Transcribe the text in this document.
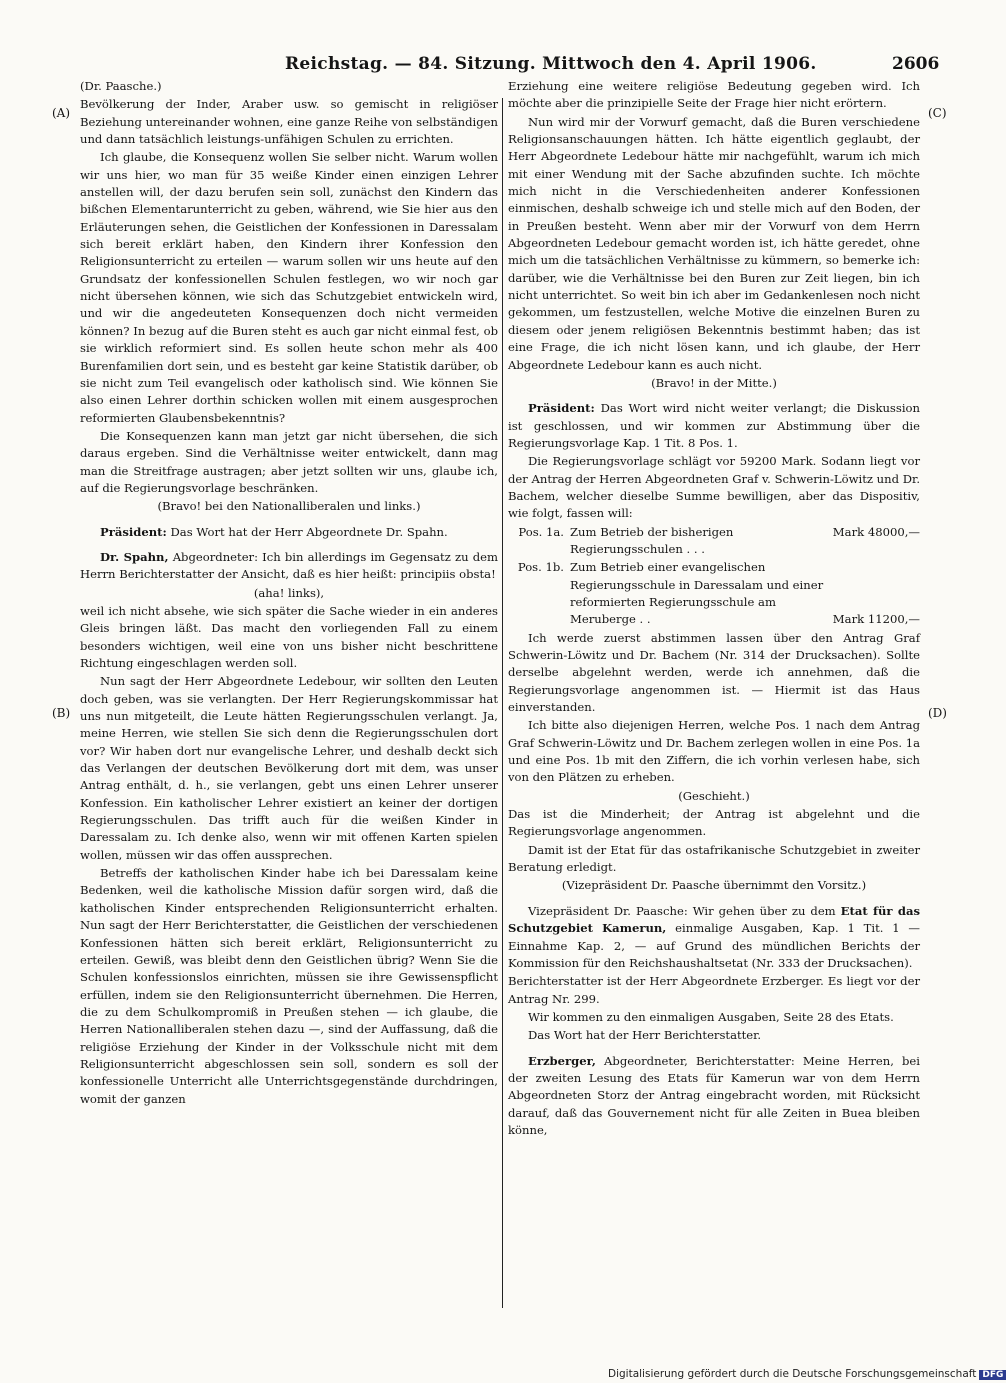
Reichstag. — 84. Sitzung. Mittwoch den 4. April 1906.	2606
(A)
(B)
(C)
(D)

(Dr. Paasche.)

Bevölkerung der Inder, Araber usw. so gemischt in religiöser Beziehung untereinander wohnen, eine ganze Reihe von selbständigen und dann tatsächlich leistungs-unfähigen Schulen zu errichten.

Ich glaube, die Konsequenz wollen Sie selber nicht. Warum wollen wir uns hier, wo man für 35 weiße Kinder einen einzigen Lehrer anstellen will, der dazu berufen sein soll, zunächst den Kindern das bißchen Elementarunterricht zu geben, während, wie Sie hier aus den Erläuterungen sehen, die Geistlichen der Konfessionen in Daressalam sich bereit erklärt haben, den Kindern ihrer Konfession den Religionsunterricht zu erteilen — warum sollen wir uns heute auf den Grundsatz der konfessionellen Schulen festlegen, wo wir noch gar nicht übersehen können, wie sich das Schutzgebiet entwickeln wird, und wir die angedeuteten Konsequenzen doch nicht vermeiden können? In bezug auf die Buren steht es auch gar nicht einmal fest, ob sie wirklich reformiert sind. Es sollen heute schon mehr als 400 Burenfamilien dort sein, und es besteht gar keine Statistik darüber, ob sie nicht zum Teil evangelisch oder katholisch sind. Wie können Sie also einen Lehrer dorthin schicken wollen mit einem ausgesprochen reformierten Glaubensbekenntnis?

Die Konsequenzen kann man jetzt gar nicht übersehen, die sich daraus ergeben. Sind die Verhältnisse weiter entwickelt, dann mag man die Streitfrage austragen; aber jetzt sollten wir uns, glaube ich, auf die Regierungsvorlage beschränken.

(Bravo! bei den Nationalliberalen und links.)

Präsident: Das Wort hat der Herr Abgeordnete Dr. Spahn.

Dr. Spahn, Abgeordneter: Ich bin allerdings im Gegensatz zu dem Herrn Berichterstatter der Ansicht, daß es hier heißt: principiis obsta!

(aha! links),

weil ich nicht absehe, wie sich später die Sache wieder in ein anderes Gleis bringen läßt. Das macht den vorliegenden Fall zu einem besonders wichtigen, weil eine von uns bisher nicht beschrittene Richtung eingeschlagen werden soll.

Nun sagt der Herr Abgeordnete Ledebour, wir sollten den Leuten doch geben, was sie verlangten. Der Herr Regierungskommissar hat uns nun mitgeteilt, die Leute hätten Regierungsschulen verlangt. Ja, meine Herren, wie stellen Sie sich denn die Regierungsschulen dort vor? Wir haben dort nur evangelische Lehrer, und deshalb deckt sich das Verlangen der deutschen Bevölkerung dort mit dem, was unser Antrag enthält, d. h., sie verlangen, gebt uns einen Lehrer unserer Konfession. Ein katholischer Lehrer existiert an keiner der dortigen Regierungsschulen. Das trifft auch für die weißen Kinder in Daressalam zu. Ich denke also, wenn wir mit offenen Karten spielen wollen, müssen wir das offen aussprechen.

Betreffs der katholischen Kinder habe ich bei Daressalam keine Bedenken, weil die katholische Mission dafür sorgen wird, daß die katholischen Kinder entsprechenden Religionsunterricht erhalten. Nun sagt der Herr Berichterstatter, die Geistlichen der verschiedenen Konfessionen hätten sich bereit erklärt, Religionsunterricht zu erteilen. Gewiß, was bleibt denn den Geistlichen übrig? Wenn Sie die Schulen konfessionslos einrichten, müssen sie ihre Gewissenspflicht erfüllen, indem sie den Religionsunterricht übernehmen. Die Herren, die zu dem Schulkompromiß in Preußen stehen — ich glaube, die Herren Nationalliberalen stehen dazu —, sind der Auffassung, daß die religiöse Erziehung der Kinder in der Volksschule nicht mit dem Religionsunterricht abgeschlossen sein soll, sondern es soll der konfessionelle Unterricht alle Unterrichtsgegenstände durchdringen, womit der ganzen

Erziehung eine weitere religiöse Bedeutung gegeben wird. Ich möchte aber die prinzipielle Seite der Frage hier nicht erörtern.

Nun wird mir der Vorwurf gemacht, daß die Buren verschiedene Religionsanschauungen hätten. Ich hätte eigentlich geglaubt, der Herr Abgeordnete Ledebour hätte mir nachgefühlt, warum ich mich mit einer Wendung mit der Sache abzufinden suchte. Ich möchte mich nicht in die Verschiedenheiten anderer Konfessionen einmischen, deshalb schweige ich und stelle mich auf den Boden, der in Preußen besteht. Wenn aber mir der Vorwurf von dem Herrn Abgeordneten Ledebour gemacht worden ist, ich hätte geredet, ohne mich um die tatsächlichen Verhältnisse zu kümmern, so bemerke ich: darüber, wie die Verhältnisse bei den Buren zur Zeit liegen, bin ich nicht unterrichtet. So weit bin ich aber im Gedankenlesen noch nicht gekommen, um festzustellen, welche Motive die einzelnen Buren zu diesem oder jenem religiösen Bekenntnis bestimmt haben; das ist eine Frage, die ich nicht lösen kann, und ich glaube, der Herr Abgeordnete Ledebour kann es auch nicht.

(Bravo! in der Mitte.)

Präsident: Das Wort wird nicht weiter verlangt; die Diskussion ist geschlossen, und wir kommen zur Abstimmung über die Regierungsvorlage Kap. 1 Tit. 8 Pos. 1.

Die Regierungsvorlage schlägt vor 59200 Mark. Sodann liegt vor der Antrag der Herren Abgeordneten Graf v. Schwerin-Löwitz und Dr. Bachem, welcher dieselbe Summe bewilligen, aber das Dispositiv, wie folgt, fassen will:

Pos. 1a. Zum Betrieb der bisherigen Regierungsschulen . . .
Mark 48000,—
Pos. 1b. Zum Betrieb einer evangelischen Regierungsschule in Daressalam und einer reformierten Regierungsschule am Meruberge . .	Mark 11200,—

Ich werde zuerst abstimmen lassen über den Antrag Graf Schwerin-Löwitz und Dr. Bachem (Nr. 314 der Drucksachen). Sollte derselbe abgelehnt werden, werde ich annehmen, daß die Regierungsvorlage angenommen ist. — Hiermit ist das Haus einverstanden.

Ich bitte also diejenigen Herren, welche Pos. 1 nach dem Antrag Graf Schwerin-Löwitz und Dr. Bachem zerlegen wollen in eine Pos. 1a und eine Pos. 1b mit den Ziffern, die ich vorhin verlesen habe, sich von den Plätzen zu erheben.

(Geschieht.)

Das ist die Minderheit; der Antrag ist abgelehnt und die Regierungsvorlage angenommen.

Damit ist der Etat für das ostafrikanische Schutzgebiet in zweiter Beratung erledigt.

(Vizepräsident Dr. Paasche übernimmt den Vorsitz.)

Vizepräsident Dr. Paasche: Wir gehen über zu dem Etat für das Schutzgebiet Kamerun, einmalige Ausgaben, Kap. 1 Tit. 1 — Einnahme Kap. 2, — auf Grund des mündlichen Berichts der Kommission für den Reichshaushaltsetat (Nr. 333 der Drucksachen).

Berichterstatter ist der Herr Abgeordnete Erzberger. Es liegt vor der Antrag Nr. 299.

Wir kommen zu den einmaligen Ausgaben, Seite 28 des Etats.

Das Wort hat der Herr Berichterstatter.

Erzberger, Abgeordneter, Berichterstatter: Meine Herren, bei der zweiten Lesung des Etats für Kamerun war von dem Herrn Abgeordneten Storz der Antrag eingebracht worden, mit Rücksicht darauf, daß das Gouvernement nicht für alle Zeiten in Buea bleiben könne,

Digitalisierung gefördert durch die Deutsche Forschungsgemeinschaft DFG
